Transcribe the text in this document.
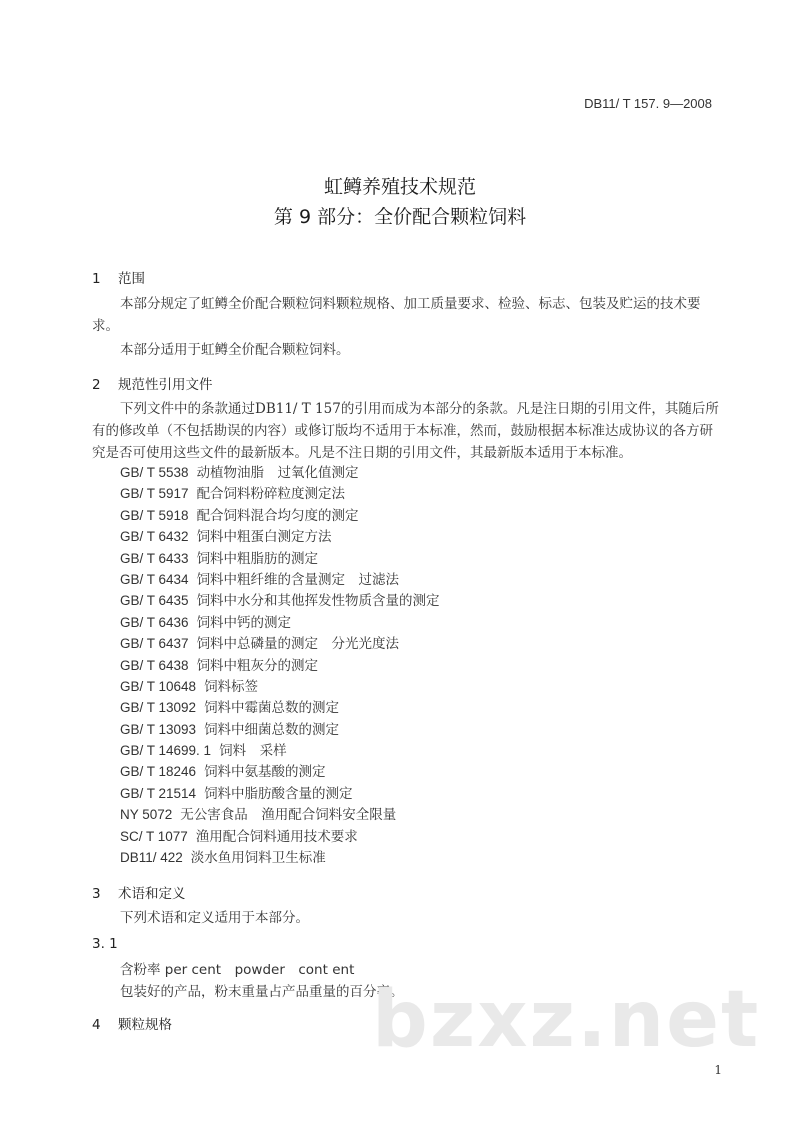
DB11/ T 157. 9—2008
虹鳟养殖技术规范
第 9 部分：全价配合颗粒饲料
1 范围
本部分规定了虹鳟全价配合颗粒饲料颗粒规格、加工质量要求、检验、标志、包装及贮运的技术要求。
本部分适用于虹鳟全价配合颗粒饲料。
2 规范性引用文件
下列文件中的条款通过DB11/ T 157的引用而成为本部分的条款。凡是注日期的引用文件，其随后所有的修改单（不包括勘误的内容）或修订版均不适用于本标准，然而，鼓励根据本标准达成协议的各方研究是否可使用这些文件的最新版本。凡是不注日期的引用文件，其最新版本适用于本标准。
GB/ T 5538 动植物油脂　过氧化值测定
GB/ T 5917 配合饲料粉碎粒度测定法
GB/ T 5918 配合饲料混合均匀度的测定
GB/ T 6432 饲料中粗蛋白测定方法
GB/ T 6433 饲料中粗脂肪的测定
GB/ T 6434 饲料中粗纤维的含量测定　过滤法
GB/ T 6435 饲料中水分和其他挥发性物质含量的测定
GB/ T 6436 饲料中钙的测定
GB/ T 6437 饲料中总磷量的测定　分光光度法
GB/ T 6438 饲料中粗灰分的测定
GB/ T 10648 饲料标签
GB/ T 13092 饲料中霉菌总数的测定
GB/ T 13093 饲料中细菌总数的测定
GB/ T 14699. 1 饲料　采样
GB/ T 18246 饲料中氨基酸的测定
GB/ T 21514 饲料中脂肪酸含量的测定
NY 5072 无公害食品　渔用配合饲料安全限量
SC/ T 1077 渔用配合饲料通用技术要求
DB11/ 422 淡水鱼用饲料卫生标准
3 术语和定义
下列术语和定义适用于本部分。
3. 1
含粉率 per cent　powder　cont ent
包装好的产品，粉末重量占产品重量的百分率。
4 颗粒规格	bzxz.net
1
